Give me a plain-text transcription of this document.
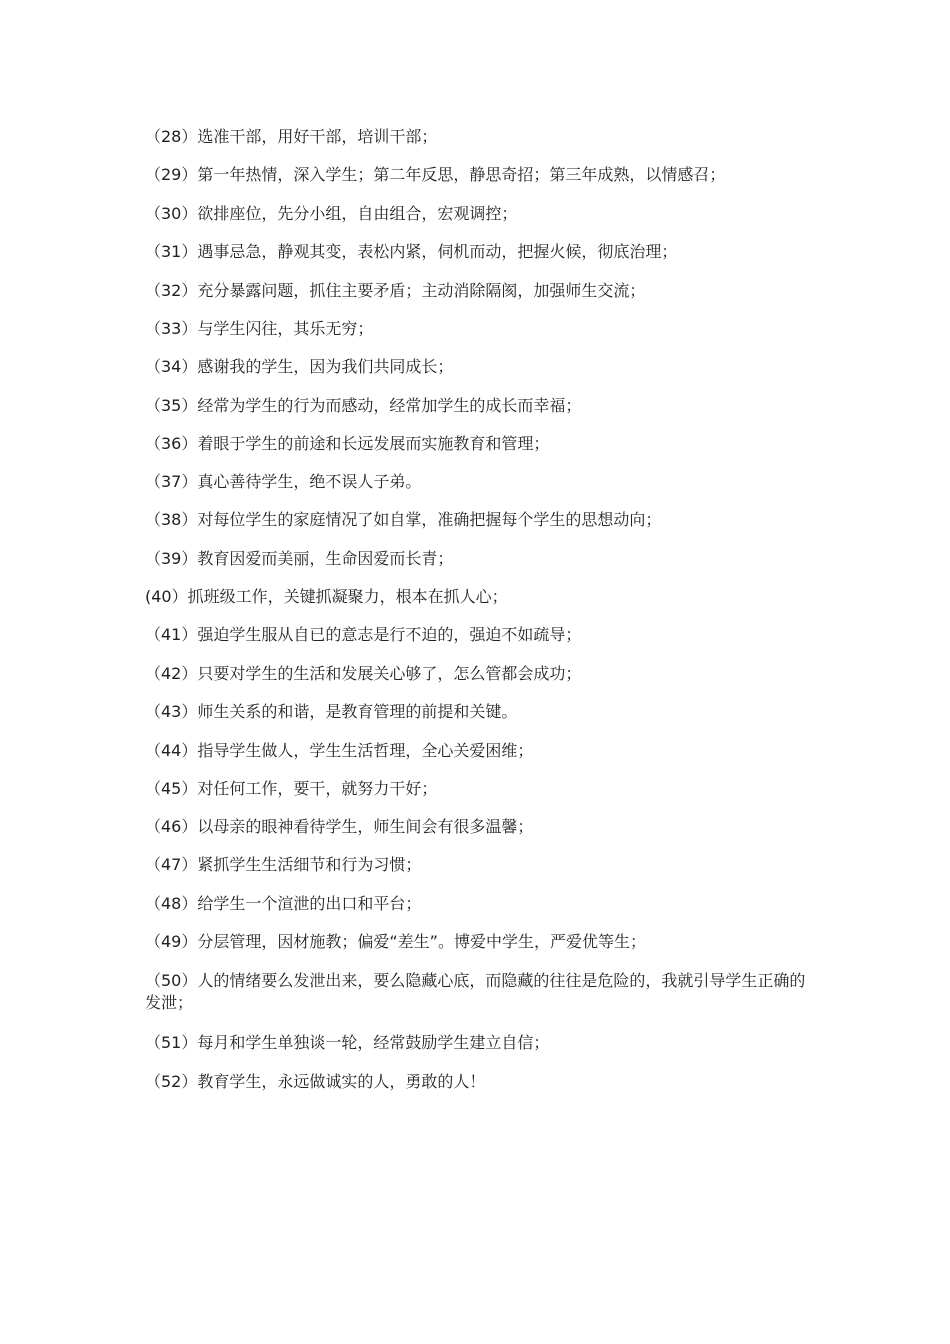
（28）选准干部，用好干部，培训干部；
（29）第一年热情，深入学生；第二年反思，静思奇招；第三年成熟，以情感召；
（30）欲排座位，先分小组，自由组合，宏观调控；
（31）遇事忌急，静观其变，表松内紧，伺机而动，把握火候，彻底治理；
（32）充分暴露问题，抓住主要矛盾；主动消除隔阂，加强师生交流；
（33）与学生闪往，其乐无穷；
（34）感谢我的学生，因为我们共同成长；
（35）经常为学生的行为而感动，经常加学生的成长而幸福；
（36）着眼于学生的前途和长远发展而实施教育和管理；
（37）真心善待学生，绝不误人子弟。
（38）对每位学生的家庭情况了如自掌，准确把握每个学生的思想动向；
（39）教育因爱而美丽，生命因爱而长青；
(40）抓班级工作，关键抓凝聚力，根本在抓人心；
（41）强迫学生服从自已的意志是行不迫的，强迫不如疏导；
（42）只要对学生的生活和发展关心够了，怎么管都会成功；
（43）师生关系的和谐，是教育管理的前提和关键。
（44）指导学生做人，学生生活哲理，全心关爱困维；
（45）对任何工作，要干，就努力干好；
（46）以母亲的眼神看待学生，师生间会有很多温馨；
（47）紧抓学生生活细节和行为习惯；
（48）给学生一个渲泄的出口和平台；
（49）分层管理，因材施教；偏爱“差生”。博爱中学生，严爱优等生；
（50）人的情绪要么发泄出来，要么隐藏心底，而隐藏的往往是危险的，我就引导学生正确的发泄；
（51）每月和学生单独谈一轮，经常鼓励学生建立自信；
（52）教育学生，永远做诚实的人，勇敢的人！
